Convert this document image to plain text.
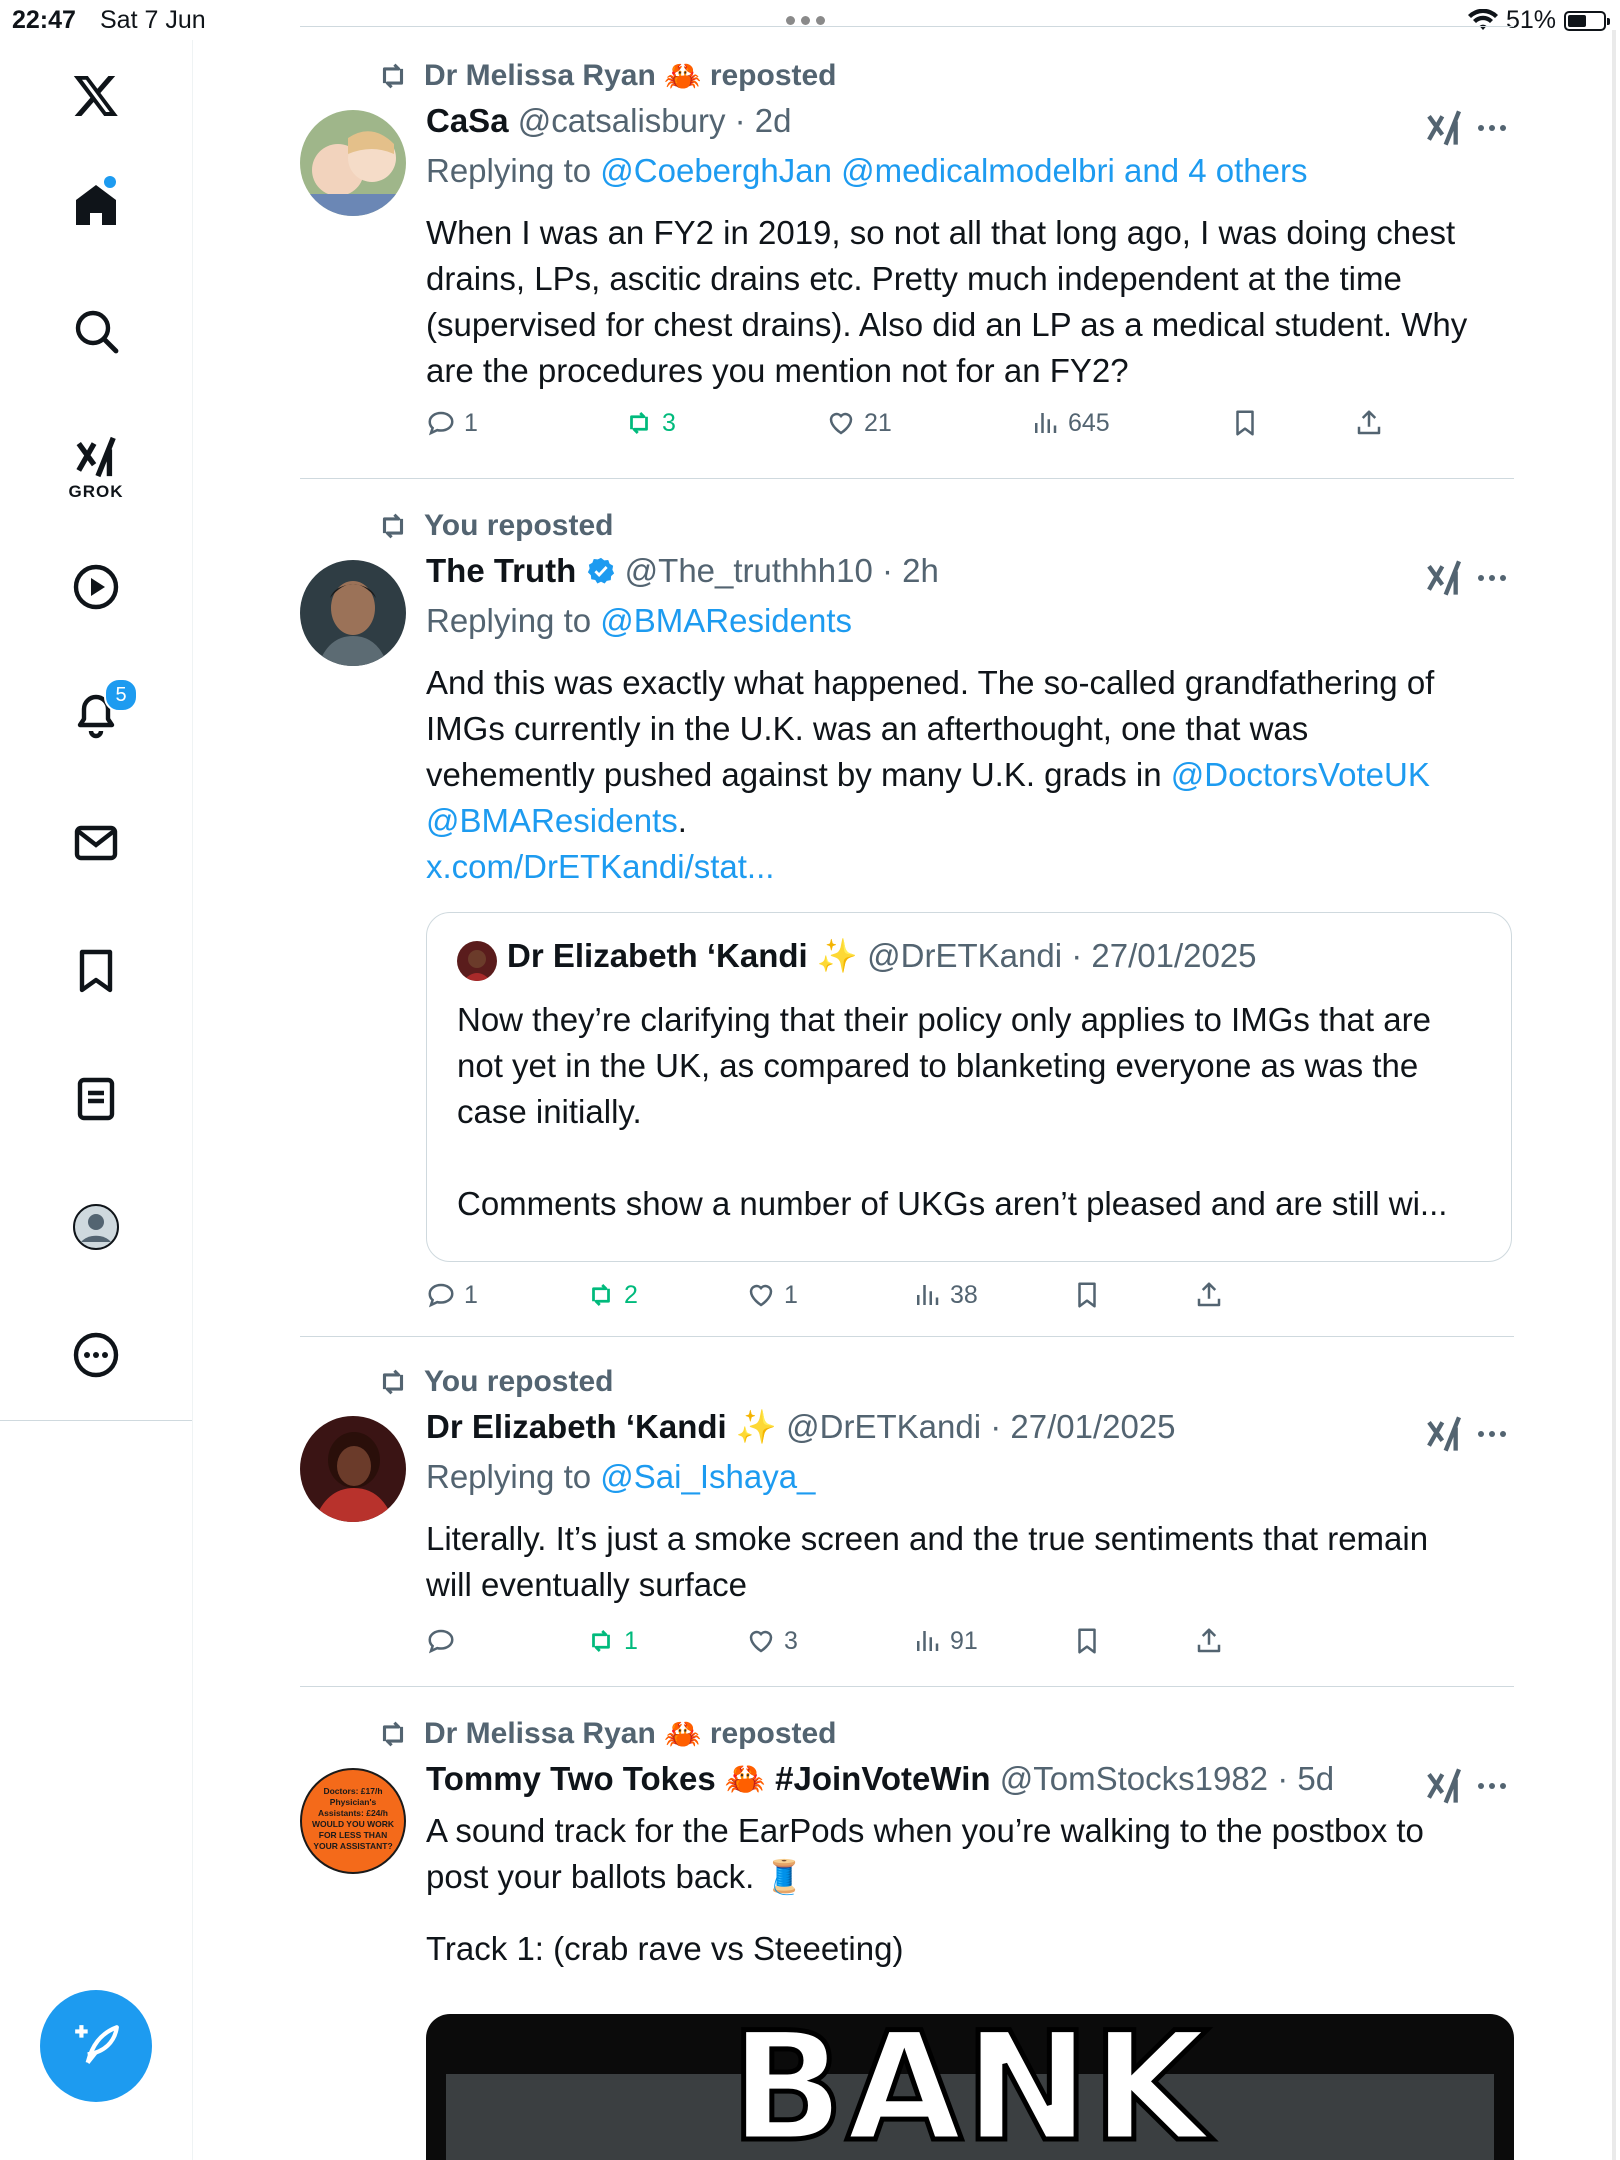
22:47 Sat 7 Jun	51%
GROK
5
Dr Melissa Ryan 🦀 reposted
CaSa @catsalisbury · 2d
Replying to @CoeberghJan @medicalmodelbri and 4 others
When I was an FY2 in 2019, so not all that long ago, I was doing chest
drains, LPs, ascitic drains etc. Pretty much independent at the time
(supervised for chest drains). Also did an LP as a medical student. Why
are the procedures you mention not for an FY2?
1	3	21	645
You reposted
The Truth @The_truthhh10 · 2h
Replying to @BMAResidents
And this was exactly what happened. The so-called grandfathering of
IMGs currently in the U.K. was an afterthought, one that was
vehemently pushed against by many U.K. grads in @DoctorsVoteUK
@BMAResidents.
x.com/DrETKandi/stat...
Dr Elizabeth ‘Kandi ✨ @DrETKandi · 27/01/2025
Now they’re clarifying that their policy only applies to IMGs that are
not yet in the UK, as compared to blanketing everyone as was the
case initially.
Comments show a number of UKGs aren’t pleased and are still wi...
1	2	1	38
You reposted
Dr Elizabeth ‘Kandi ✨ @DrETKandi · 27/01/2025
Replying to @Sai_Ishaya_
Literally. It’s just a smoke screen and the true sentiments that remain
will eventually surface
1	3	91
Dr Melissa Ryan 🦀 reposted
Doctors: £17/h
Physician's
Assistants: £24/h
WOULD YOU WORK
FOR LESS THAN
YOUR ASSISTANT?
Tommy Two Tokes 🦀 #JoinVoteWin @TomStocks1982 · 5d
A sound track for the EarPods when you’re walking to the postbox to
post your ballots back. 🧵
Track 1: (crab rave vs Steeeting)
BANK
